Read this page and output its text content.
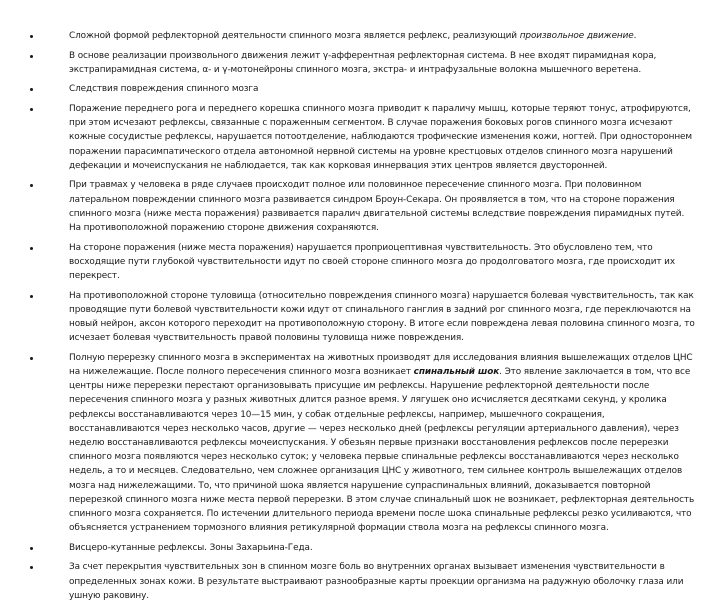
Сложной формой рефлекторной деятельности спинного мозга является рефлекс, реализующий произвольное движение.
В основе реализации произвольного движения лежит γ-афферентная рефлекторная система. В нее входят пирамидная кора, экстрапирамидная система, α- и γ-мотонейроны спинного мозга, экстра- и интрафузальные волокна мышечного веретена.
Следствия повреждения спинного мозга
Поражение переднего рога и переднего корешка спинного мозга приводит к параличу мышц, которые теряют тонус, атрофируются, при этом исчезают рефлексы, связанные с пораженным сегментом. В случае поражения боковых рогов спинного мозга исчезают кожные сосудистые рефлексы, нарушается потоотделение, наблюдаются трофические изменения кожи, ногтей. При одностороннем поражении парасимпатического отдела автономной нервной системы на уровне крестцовых отделов спинного мозга нарушений дефекации и мочеиспускания не наблюдается, так как корковая иннервация этих центров является двусторонней.
При травмах у человека в ряде случаев происходит полное или половинное пересечение спинного мозга. При половинном латеральном повреждении спинного мозга развивается синдром Броун-Секара. Он проявляется в том, что на стороне поражения спинного мозга (ниже места поражения) развивается паралич двигательной системы вследствие повреждения пирамидных путей. На противоположной поражению стороне движения сохраняются.
На стороне поражения (ниже места поражения) нарушается проприоцептивная чувствительность. Это обусловлено тем, что восходящие пути глубокой чувствительности идут по своей стороне спинного мозга до продолговатого мозга, где происходит их перекрест.
На противоположной стороне туловища (относительно повреждения спинного мозга) нарушается болевая чувствительность, так как проводящие пути болевой чувствительности кожи идут от спинального ганглия в задний рог спинного мозга, где переключаются на новый нейрон, аксон которого переходит на противоположную сторону. В итоге если повреждена левая половина спинного мозга, то исчезает болевая чувствительность правой половины туловища ниже повреждения.
Полную перерезку спинного мозга в экспериментах на животных производят для исследования влияния вышележащих отделов ЦНС на нижележащие. После полного пересечения спинного мозга возникает спинальный шок. Это явление заключается в том, что все центры ниже перерезки перестают организовывать присущие им рефлексы. Нарушение рефлекторной деятельности после пересечения спинного мозга у разных животных длится разное время. У лягушек оно исчисляется десятками секунд, у кролика рефлексы восстанавливаются через 10—15 мин, у собак отдельные рефлексы, например, мышечного сокращения, восстанавливаются через несколько часов, другие — через несколько дней (рефлексы регуляции артериального давления), через неделю восстанавливаются рефлексы мочеиспускания. У обезьян первые признаки восстановления рефлексов после перерезки спинного мозга появляются через несколько суток; у человека первые спинальные рефлексы восстанавливаются через несколько недель, а то и месяцев. Следовательно, чем сложнее организация ЦНС у животного, тем сильнее контроль вышележащих отделов мозга над нижележащими. То, что причиной шока является нарушение супраспинальных влияний, доказывается повторной перерезкой спинного мозга ниже места первой перерезки. В этом случае спинальный шок не возникает, рефлекторная деятельность спинного мозга сохраняется. По истечении длительного периода времени после шока спинальные рефлексы резко усиливаются, что объясняется устранением тормозного влияния ретикулярной формации ствола мозга на рефлексы спинного мозга.
Висцеро-кутанные рефлексы. Зоны Захарьина-Геда.
За счет перекрытия чувствительных зон в спинном мозге боль во внутренних органах вызывает изменения чувствительности в определенных зонах кожи. В результате выстраивают разнообразные карты проекции организма на радужную оболочку глаза или ушную раковину.
